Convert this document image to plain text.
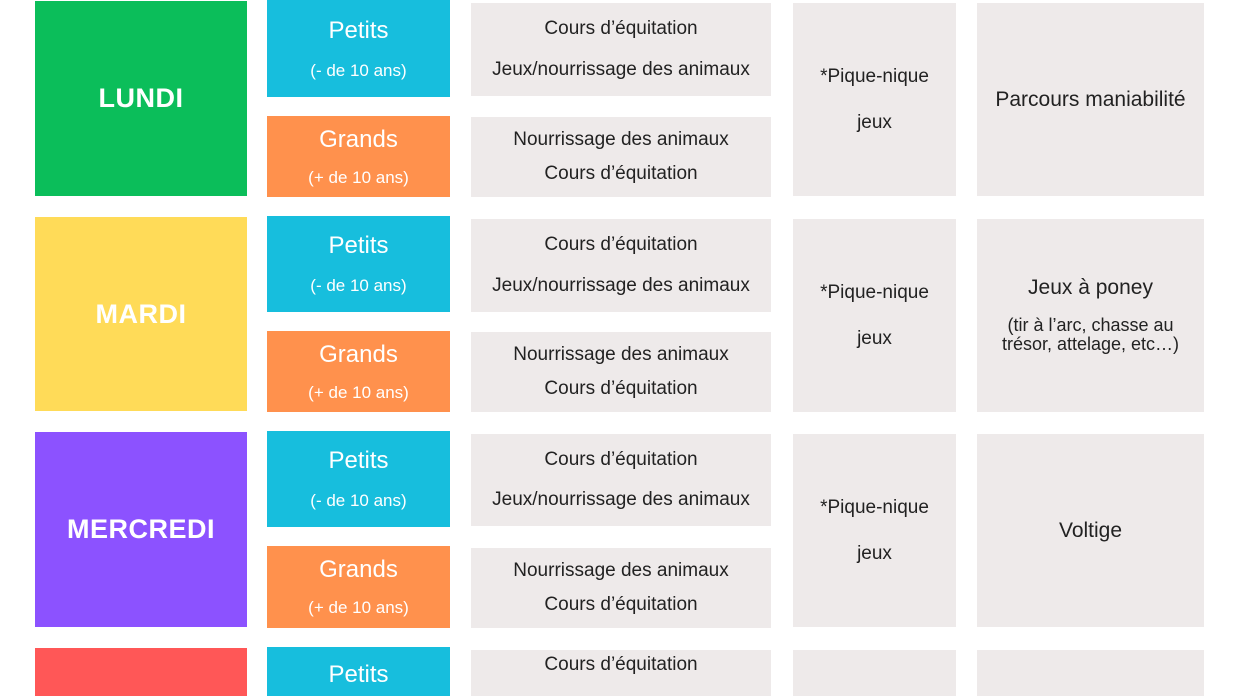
LUNDI
Petits
(- de 10 ans)
Grands
(+ de 10 ans)
Cours d’équitation
Jeux/nourrissage des animaux
Nourrissage des animaux
Cours d’équitation
*Pique-nique
jeux
Parcours maniabilité
MARDI
Petits
(- de 10 ans)
Grands
(+ de 10 ans)
Cours d’équitation
Jeux/nourrissage des animaux
Nourrissage des animaux
Cours d’équitation
*Pique-nique
jeux
Jeux à poney
(tir à l’arc, chasse au trésor, attelage, etc…)
MERCREDI
Petits
(- de 10 ans)
Grands
(+ de 10 ans)
Cours d’équitation
Jeux/nourrissage des animaux
Nourrissage des animaux
Cours d’équitation
*Pique-nique
jeux
Voltige
Petits	Cours d’équitation
